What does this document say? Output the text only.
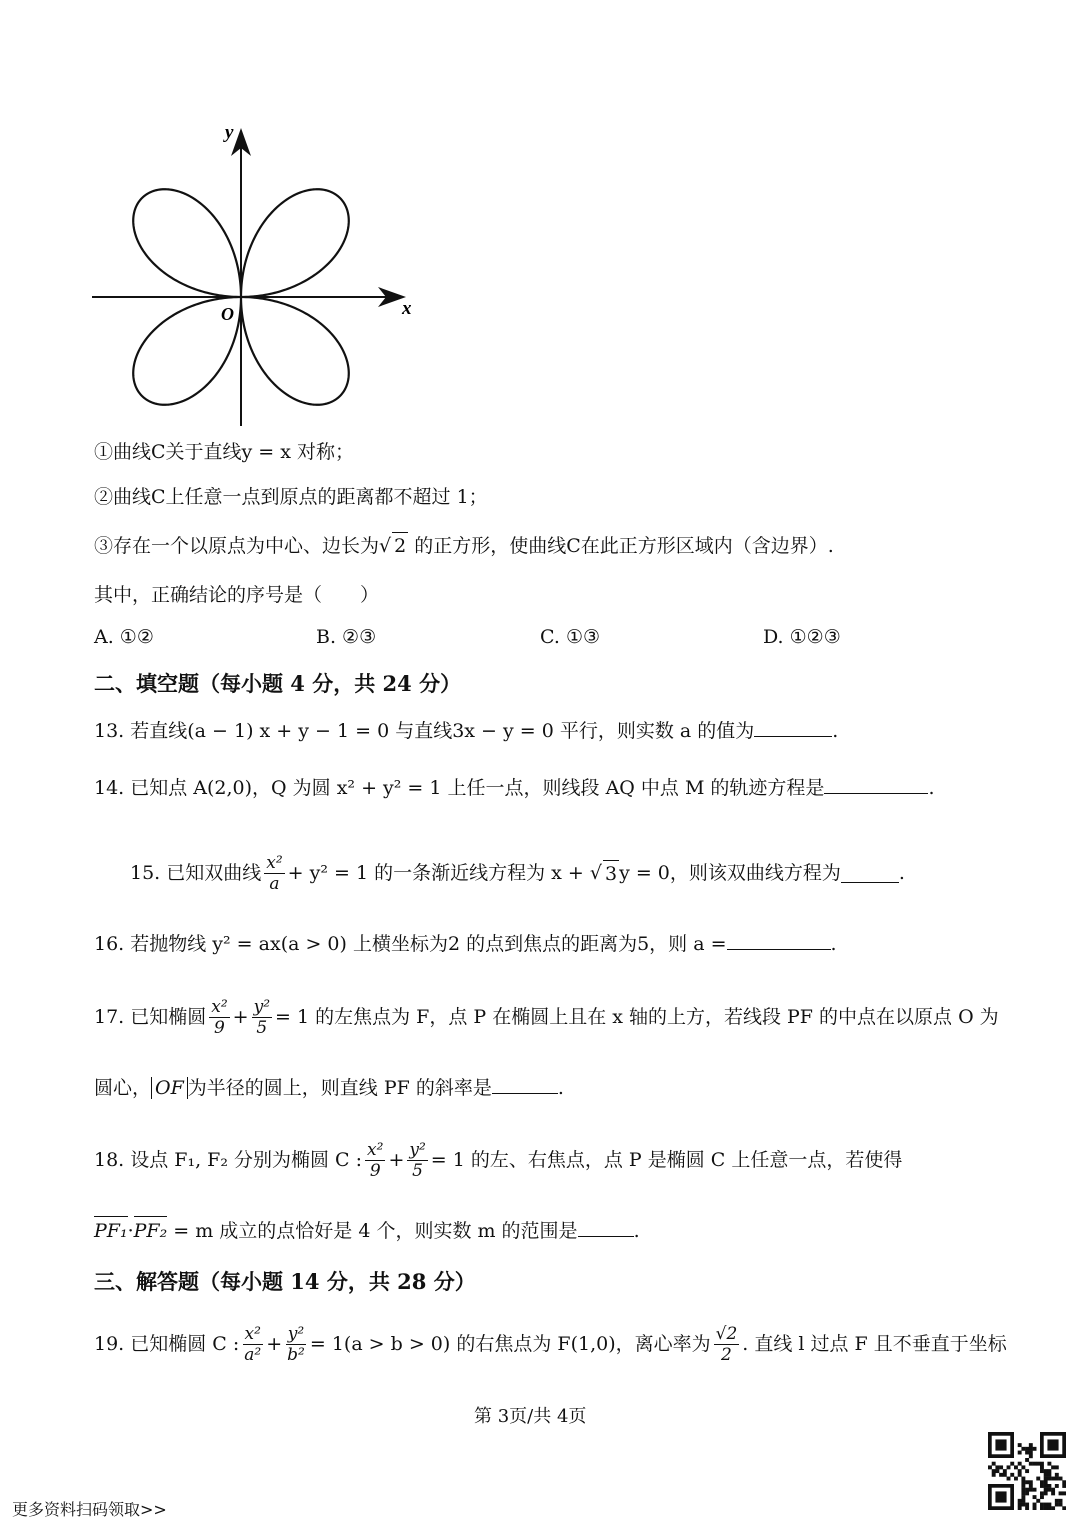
y
x
O
①曲线C关于直线y = x 对称；
②曲线C上任意一点到原点的距离都不超过 1；
③存在一个以原点为中心、边长为√ 2 的正方形，使曲线C在此正方形区域内（含边界）.
其中，正确结论的序号是（　　）
A. ①②	B. ②③	C. ①③	D. ①②③
二、填空题（每小题 4 分，共 24 分）
13. 若直线(a − 1) x + y − 1 = 0 与直线3x − y = 0 平行，则实数 a 的值为	.
14. 已知点 A(2,0)，Q 为圆 x² + y² = 1 上任一点，则线段 AQ 中点 M 的轨迹方程是	.
15. 已知双曲线 $\frac{\text{x²}}{a} + y^2 = 1$ 的一条渐近线方程为 x +
√ 3 y = 0，则该双曲线方程为	.
16. 若抛物线 y² = ax(a > 0) 上横坐标为2 的点到焦点的距离为5，则 a =	.
17. 已知椭圆 $\frac{\text{x²}}{9} + \frac{\text{y²}}{5} = 1$ 的左焦点为 F，点 P 在椭圆上且在 x 轴的上方，若线段 PF 的中点在以原点 O 为
圆心， OF 为半径的圆上，则直线 PF 的斜率是	.
18. 设点 F₁, F₂ 分别为椭圆 C : $\frac{\text{x²}}{9} + \frac{\text{y²}}{5} = 1$ 的左、右焦点，点 P 是椭圆 C 上任意一点，若使得
PF₁·PF₂ = m 成立的点恰好是 4 个，则实数 m 的范围是	.
三、解答题（每小题 14 分，共 28 分）
19. 已知椭圆 C : $\frac{\text{x²}}{\text{a²}} + \frac{\text{y²}}{\text{b²}} = 1(a > b > 0)$ 的右焦点为 F(1,0)，离心率为 $\frac{√2}{2}$ . 直线 l 过点 F 且不垂直于坐标
第 3页/共 4页
更多资料扫码领取>>
